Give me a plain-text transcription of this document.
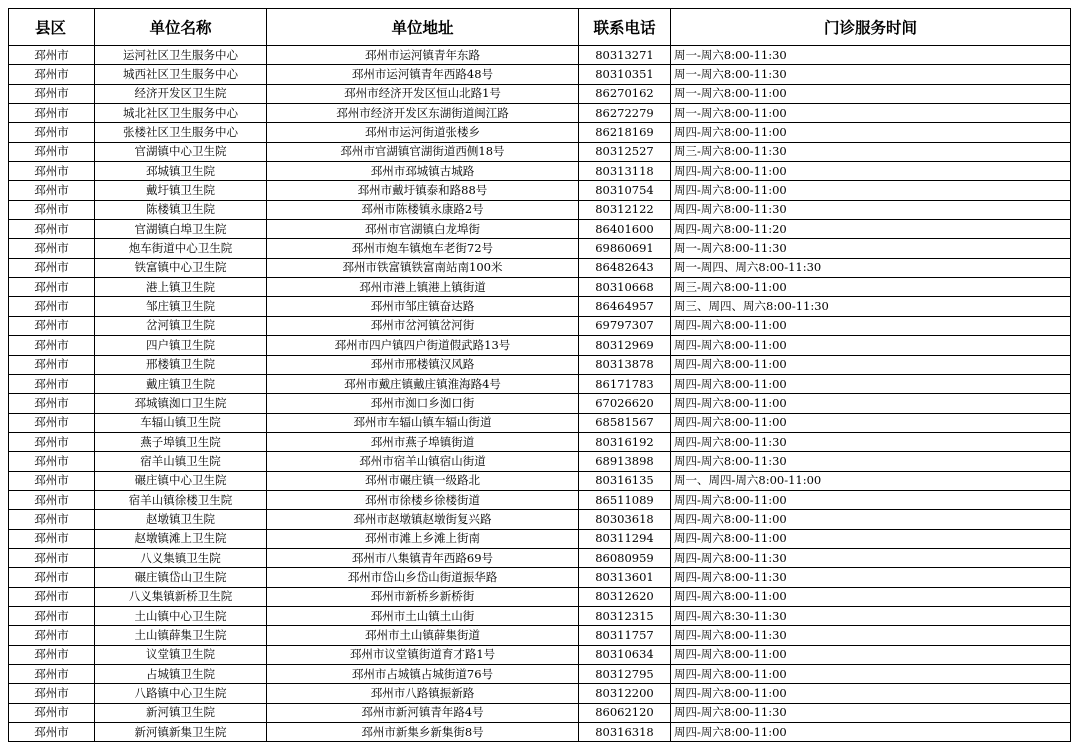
县区	单位名称	单位地址	联系电话	门诊服务时间
邳州市	运河社区卫生服务中心	邳州市运河镇青年东路	80313271	周一-周六8:00-11:30
邳州市	城西社区卫生服务中心	邳州市运河镇青年西路48号	80310351	周一-周六8:00-11:30
邳州市	经济开发区卫生院	邳州市经济开发区恒山北路1号	86270162	周一-周六8:00-11:00
邳州市	城北社区卫生服务中心	邳州市经济开发区东湖街道闽江路	86272279	周一-周六8:00-11:00
邳州市	张楼社区卫生服务中心	邳州市运河街道张楼乡	86218169	周四-周六8:00-11:00
邳州市	官湖镇中心卫生院	邳州市官湖镇官湖街道西侧18号	80312527	周三-周六8:00-11:30
邳州市	邳城镇卫生院	邳州市邳城镇古城路	80313118	周四-周六8:00-11:00
邳州市	戴圩镇卫生院	邳州市戴圩镇泰和路88号	80310754	周四-周六8:00-11:00
邳州市	陈楼镇卫生院	邳州市陈楼镇永康路2号	80312122	周四-周六8:00-11:30
邳州市	官湖镇白埠卫生院	邳州市官湖镇白龙埠街	86401600	周四-周六8:00-11:20
邳州市	炮车街道中心卫生院	邳州市炮车镇炮车老街72号	69860691	周一-周六8:00-11:30
邳州市	铁富镇中心卫生院	邳州市铁富镇铁富南站南100米	86482643	周一-周四、周六8:00-11:30
邳州市	港上镇卫生院	邳州市港上镇港上镇街道	80310668	周三-周六8:00-11:00
邳州市	邹庄镇卫生院	邳州市邹庄镇奋达路	86464957	周三、周四、周六8:00-11:30
邳州市	岔河镇卫生院	邳州市岔河镇岔河街	69797307	周四-周六8:00-11:00
邳州市	四户镇卫生院	邳州市四户镇四户街道假武路13号	80312969	周四-周六8:00-11:00
邳州市	邢楼镇卫生院	邳州市邢楼镇汉风路	80313878	周四-周六8:00-11:00
邳州市	戴庄镇卫生院	邳州市戴庄镇戴庄镇淮海路4号	86171783	周四-周六8:00-11:00
邳州市	邳城镇洳口卫生院	邳州市洳口乡洳口街	67026620	周四-周六8:00-11:00
邳州市	车辐山镇卫生院	邳州市车辐山镇车辐山街道	68581567	周四-周六8:00-11:00
邳州市	燕子埠镇卫生院	邳州市燕子埠镇街道	80316192	周四-周六8:00-11:30
邳州市	宿羊山镇卫生院	邳州市宿羊山镇宿山街道	68913898	周四-周六8:00-11:30
邳州市	碾庄镇中心卫生院	邳州市碾庄镇一级路北	80316135	周一、周四-周六8:00-11:00
邳州市	宿羊山镇徐楼卫生院	邳州市徐楼乡徐楼街道	86511089	周四-周六8:00-11:00
邳州市	赵墩镇卫生院	邳州市赵墩镇赵墩街复兴路	80303618	周四-周六8:00-11:00
邳州市	赵墩镇滩上卫生院	邳州市滩上乡滩上街南	80311294	周四-周六8:00-11:00
邳州市	八义集镇卫生院	邳州市八集镇青年西路69号	86080959	周四-周六8:00-11:30
邳州市	碾庄镇岱山卫生院	邳州市岱山乡岱山街道振华路	80313601	周四-周六8:00-11:30
邳州市	八义集镇新桥卫生院	邳州市新桥乡新桥街	80312620	周四-周六8:00-11:00
邳州市	土山镇中心卫生院	邳州市土山镇土山街	80312315	周四-周六8:30-11:30
邳州市	土山镇薛集卫生院	邳州市土山镇薛集街道	80311757	周四-周六8:00-11:30
邳州市	议堂镇卫生院	邳州市议堂镇街道育才路1号	80310634	周四-周六8:00-11:00
邳州市	占城镇卫生院	邳州市占城镇占城街道76号	80312795	周四-周六8:00-11:00
邳州市	八路镇中心卫生院	邳州市八路镇振新路	80312200	周四-周六8:00-11:00
邳州市	新河镇卫生院	邳州市新河镇青年路4号	86062120	周四-周六8:00-11:30
邳州市	新河镇新集卫生院	邳州市新集乡新集街8号	80316318	周四-周六8:00-11:00
